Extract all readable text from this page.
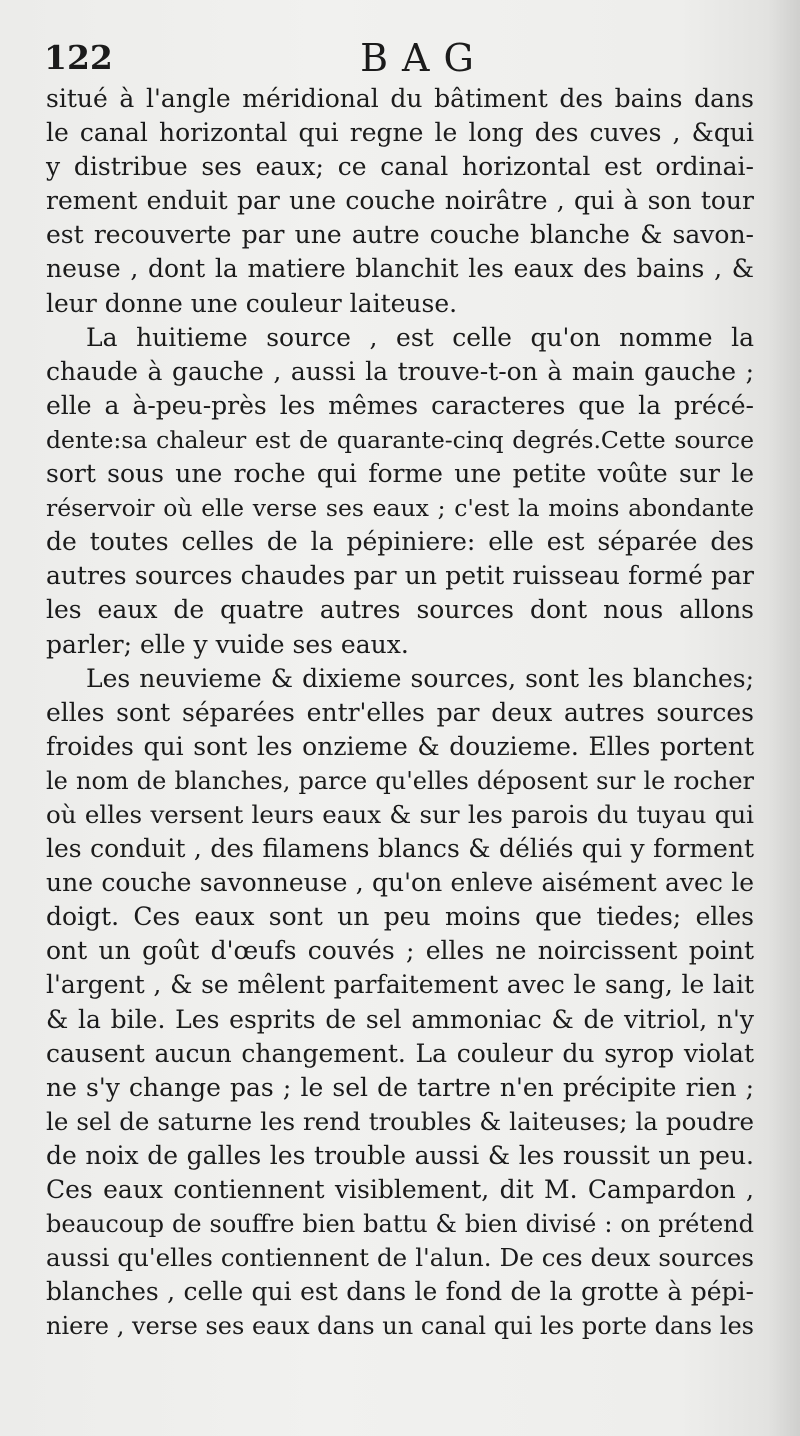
122	BAG
situé à l'angle méridional du bâtiment des bains dans
le canal horizontal qui regne le long des cuves , &qui
y distribue ses eaux; ce canal horizontal est ordinai-
rement enduit par une couche noirâtre , qui à son tour
est recouverte par une autre couche blanche & savon-
neuse , dont la matiere blanchit les eaux des bains , &
leur donne une couleur laiteuse.
La huitieme source , est celle qu'on nomme la
chaude à gauche , aussi la trouve-t-on à main gauche ;
elle a à-peu-près les mêmes caracteres que la précé-
dente:sa chaleur est de quarante-cinq degrés.Cette source
sort sous une roche qui forme une petite voûte sur le
réservoir où elle verse ses eaux ; c'est la moins abondante
de toutes celles de la pépiniere: elle est séparée des
autres sources chaudes par un petit ruisseau formé par
les eaux de quatre autres sources dont nous allons
parler; elle y vuide ses eaux.
Les neuvieme & dixieme sources, sont les blanches;
elles sont séparées entr'elles par deux autres sources
froides qui sont les onzieme & douzieme. Elles portent
le nom de blanches, parce qu'elles déposent sur le rocher
où elles versent leurs eaux & sur les parois du tuyau qui
les conduit , des filamens blancs & déliés qui y forment
une couche savonneuse , qu'on enleve aisément avec le
doigt. Ces eaux sont un peu moins que tiedes; elles
ont un goût d'œufs couvés ; elles ne noircissent point
l'argent , & se mêlent parfaitement avec le sang, le lait
& la bile. Les esprits de sel ammoniac & de vitriol, n'y
causent aucun changement. La couleur du syrop violat
ne s'y change pas ; le sel de tartre n'en précipite rien ;
le sel de saturne les rend troubles & laiteuses; la poudre
de noix de galles les trouble aussi & les roussit un peu.
Ces eaux contiennent visiblement, dit M. Campardon ,
beaucoup de souffre bien battu & bien divisé : on prétend
aussi qu'elles contiennent de l'alun. De ces deux sources
blanches , celle qui est dans le fond de la grotte à pépi-
niere , verse ses eaux dans un canal qui les porte dans les
